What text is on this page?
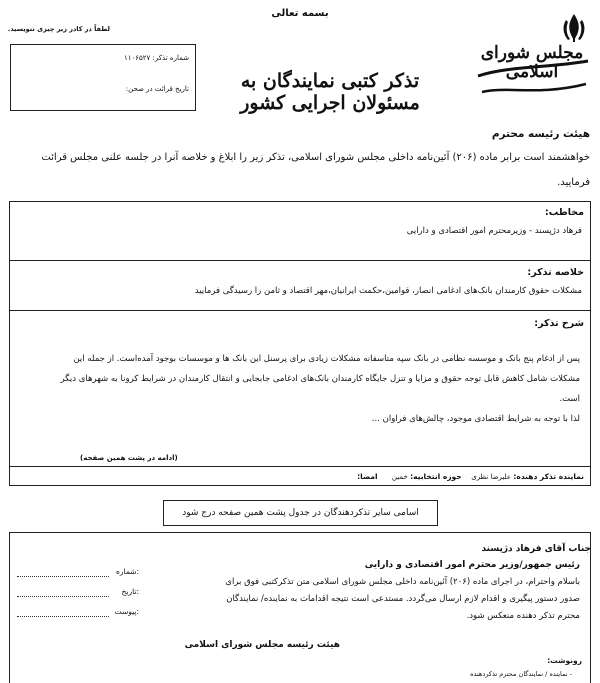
بسمه تعالی
لطفاً در کادر زیر چیزی ننویسید.
شماره تذکر: ۱۱۰۶۵۲۷
تاریخ قرائت در صحن:	تذکر کتبی نمایندگان به مسئولان اجرایی کشور
مجلس شورای اسلامی
هیئت رئیسه محترم
خواهشمند است برابر ماده (۲۰۶) آئین‌نامه داخلی مجلس شورای اسلامی، تذکر زیر را ابلاغ و خلاصه آنرا در جلسه علنی مجلس قرائت فرمایید.
مخاطب:
فرهاد دژپسند - وزیرمحترم امور اقتصادی و دارایی
خلاصه تذکر:
مشکلات حقوق کارمندان بانک‌های ادغامی انصار، قوامین،حکمت ایرانیان،مهر اقتصاد و ثامن را رسیدگی فرمایید
شرح تذکر:
پس از ادغام پنج بانک و موسسه نظامی در بانک سپه متاسفانه مشکلات زیادی برای پرسنل این بانک ها و موسسات بوجود آمده‌است. از جمله این
مشکلات شامل کاهش قابل توجه حقوق و مزایا و تنزل جایگاه کارمندان بانک‌های ادغامی جابجایی و انتقال کارمندان در شرایط کرونا به شهرهای دیگر
است.
لذا با توجه به شرایط اقتصادی موجود، چالش‌های فراوان ...
(ادامه در پشت همین صفحه)
نماینده تذکر دهنده: علیرضا نظری    حوزه انتخابیه: خمین      امضا:
اسامی سایر تذکردهندگان در جدول پشت همین صفحه درج شود
جناب آقای فرهاد دژپسند
رئیس جمهور/وزیر محترم امور اقتصادی و دارایی
باسلام واحترام، در اجرای ماده (۲۰۶) آئین‌نامه داخلی مجلس شورای اسلامی متن تذکرکتبی فوق برای
صدور دستور پیگیری و اقدام لازم ارسال می‌گردد. مستدعی است نتیجه اقدامات به نماینده/ نمایندگان
محترم تذکر دهنده منعکس شود.
هیئت رئیسه مجلس شورای اسلامی
شماره:
تاریخ:
پیوست:
رونوشت:
- نماینده / نمایندگان محترم تذکردهنده
